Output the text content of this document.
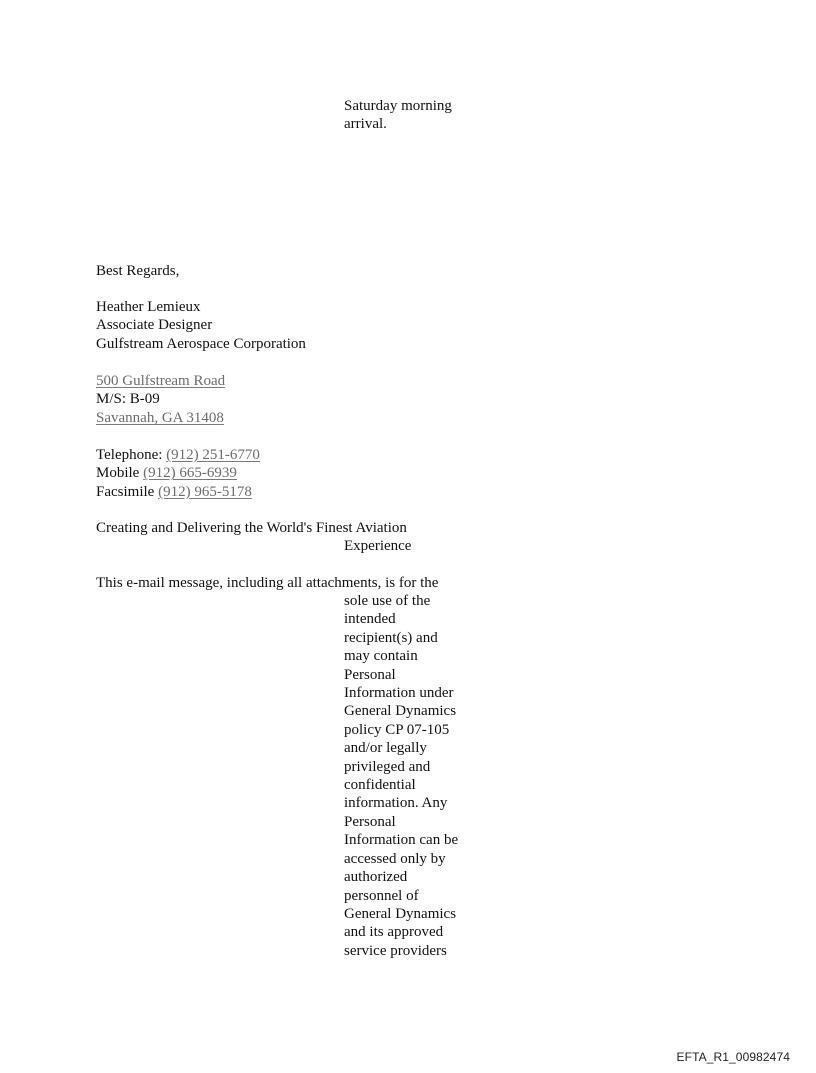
Saturday morning
arrival.
Best Regards,
Heather Lemieux
Associate Designer
Gulfstream Aerospace Corporation
500 Gulfstream Road
M/S: B-09
Savannah, GA 31408
Telephone: (912) 251-6770
Mobile (912) 665-6939
Facsimile (912) 965-5178
Creating and Delivering the World's Finest Aviation
Experience
This e-mail message, including all attachments, is for the
sole use of the
intended
recipient(s) and
may contain
Personal
Information under
General Dynamics
policy CP 07-105
and/or legally
privileged and
confidential
information. Any
Personal
Information can be
accessed only by
authorized
personnel of
General Dynamics
and its approved
service providers
EFTA_R1_00982474
